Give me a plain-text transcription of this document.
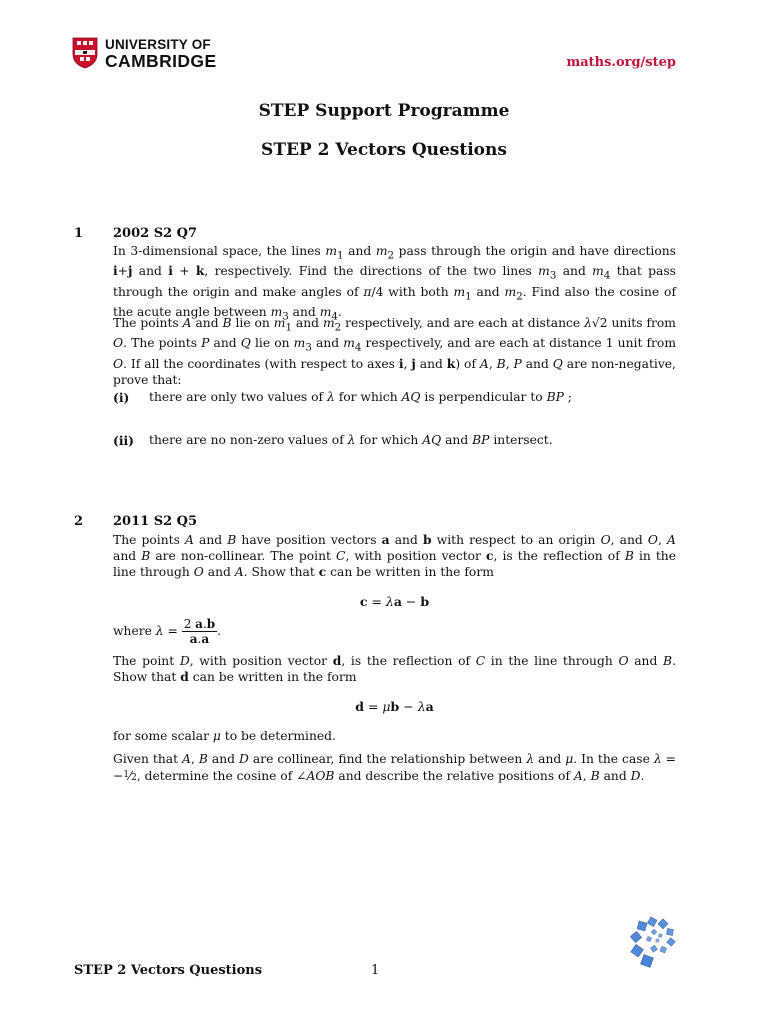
UNIVERSITY OF
CAMBRIDGE	maths.org/step
STEP Support Programme
STEP 2 Vectors Questions
1 2002 S2 Q7

In 3-dimensional space, the lines $m_1$ and $m_2$ pass through the origin and have directions i+j and i + k, respectively. Find the directions of the two lines $m_3$ and $m_4$ that pass through the origin and make angles of π/4 with both $m_1$ and $m_2$. Find also the cosine of the acute angle between $m_3$ and $m_4$.

The points A and B lie on $m_1$ and $m_2$ respectively, and are each at distance λ√2 units from O. The points P and Q lie on $m_3$ and $m_4$ respectively, and are each at distance 1 unit from O. If all the coordinates (with respect to axes i, j and k) of A, B, P and Q are non-negative, prove that:

(i) there are only two values of λ for which AQ is perpendicular to BP ;
(ii) there are no non-zero values of λ for which AQ and BP intersect.
2 2011 S2 Q5

The points A and B have position vectors a and b with respect to an origin O, and O, A and B are non-collinear. The point C, with position vector c, is the reflection of B in the line through O and A. Show that c can be written in the form

c = λa − b
where $\lambda = \frac{2 a.b}{a.a}$ .

The point D, with position vector d, is the reflection of C in the line through O and B. Show that d can be written in the form

d = μb − λa
for some scalar μ to be determined.

Given that A, B and D are collinear, find the relationship between λ and μ. In the case λ = −$^1$⁄2, determine the cosine of ∠AOB and describe the relative positions of A, B and D.

STEP 2 Vectors Questions	1
